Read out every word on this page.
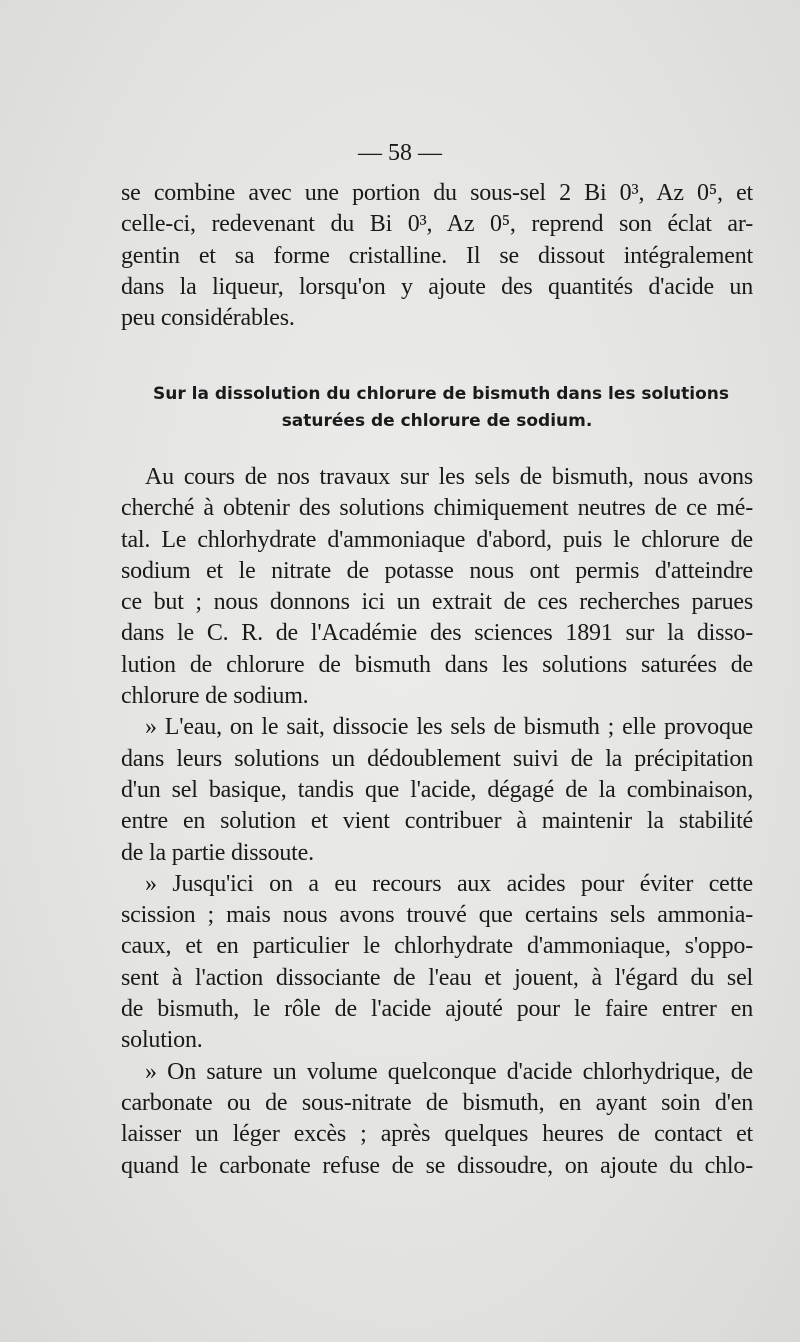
— 58 —
se combine avec une portion du sous-sel 2 Bi 0³, Az 0⁵, et
celle-ci, redevenant du Bi 0³, Az 0⁵, reprend son éclat ar-
gentin et sa forme cristalline. Il se dissout intégralement
dans la liqueur, lorsqu'on y ajoute des quantités d'acide un
peu considérables.
Sur la dissolution du chlorure de bismuth dans les solutions
saturées de chlorure de sodium.
Au cours de nos travaux sur les sels de bismuth, nous avons
cherché à obtenir des solutions chimiquement neutres de ce mé-
tal. Le chlorhydrate d'ammoniaque d'abord, puis le chlorure de
sodium et le nitrate de potasse nous ont permis d'atteindre
ce but ; nous donnons ici un extrait de ces recherches parues
dans le C. R. de l'Académie des sciences 1891 sur la disso-
lution de chlorure de bismuth dans les solutions saturées de
chlorure de sodium.
» L'eau, on le sait, dissocie les sels de bismuth ; elle provoque
dans leurs solutions un dédoublement suivi de la précipitation
d'un sel basique, tandis que l'acide, dégagé de la combinaison,
entre en solution et vient contribuer à maintenir la stabilité
de la partie dissoute.
» Jusqu'ici on a eu recours aux acides pour éviter cette
scission ; mais nous avons trouvé que certains sels ammonia-
caux, et en particulier le chlorhydrate d'ammoniaque, s'oppo-
sent à l'action dissociante de l'eau et jouent, à l'égard du sel
de bismuth, le rôle de l'acide ajouté pour le faire entrer en
solution.
» On sature un volume quelconque d'acide chlorhydrique, de
carbonate ou de sous-nitrate de bismuth, en ayant soin d'en
laisser un léger excès ; après quelques heures de contact et
quand le carbonate refuse de se dissoudre, on ajoute du chlo-
